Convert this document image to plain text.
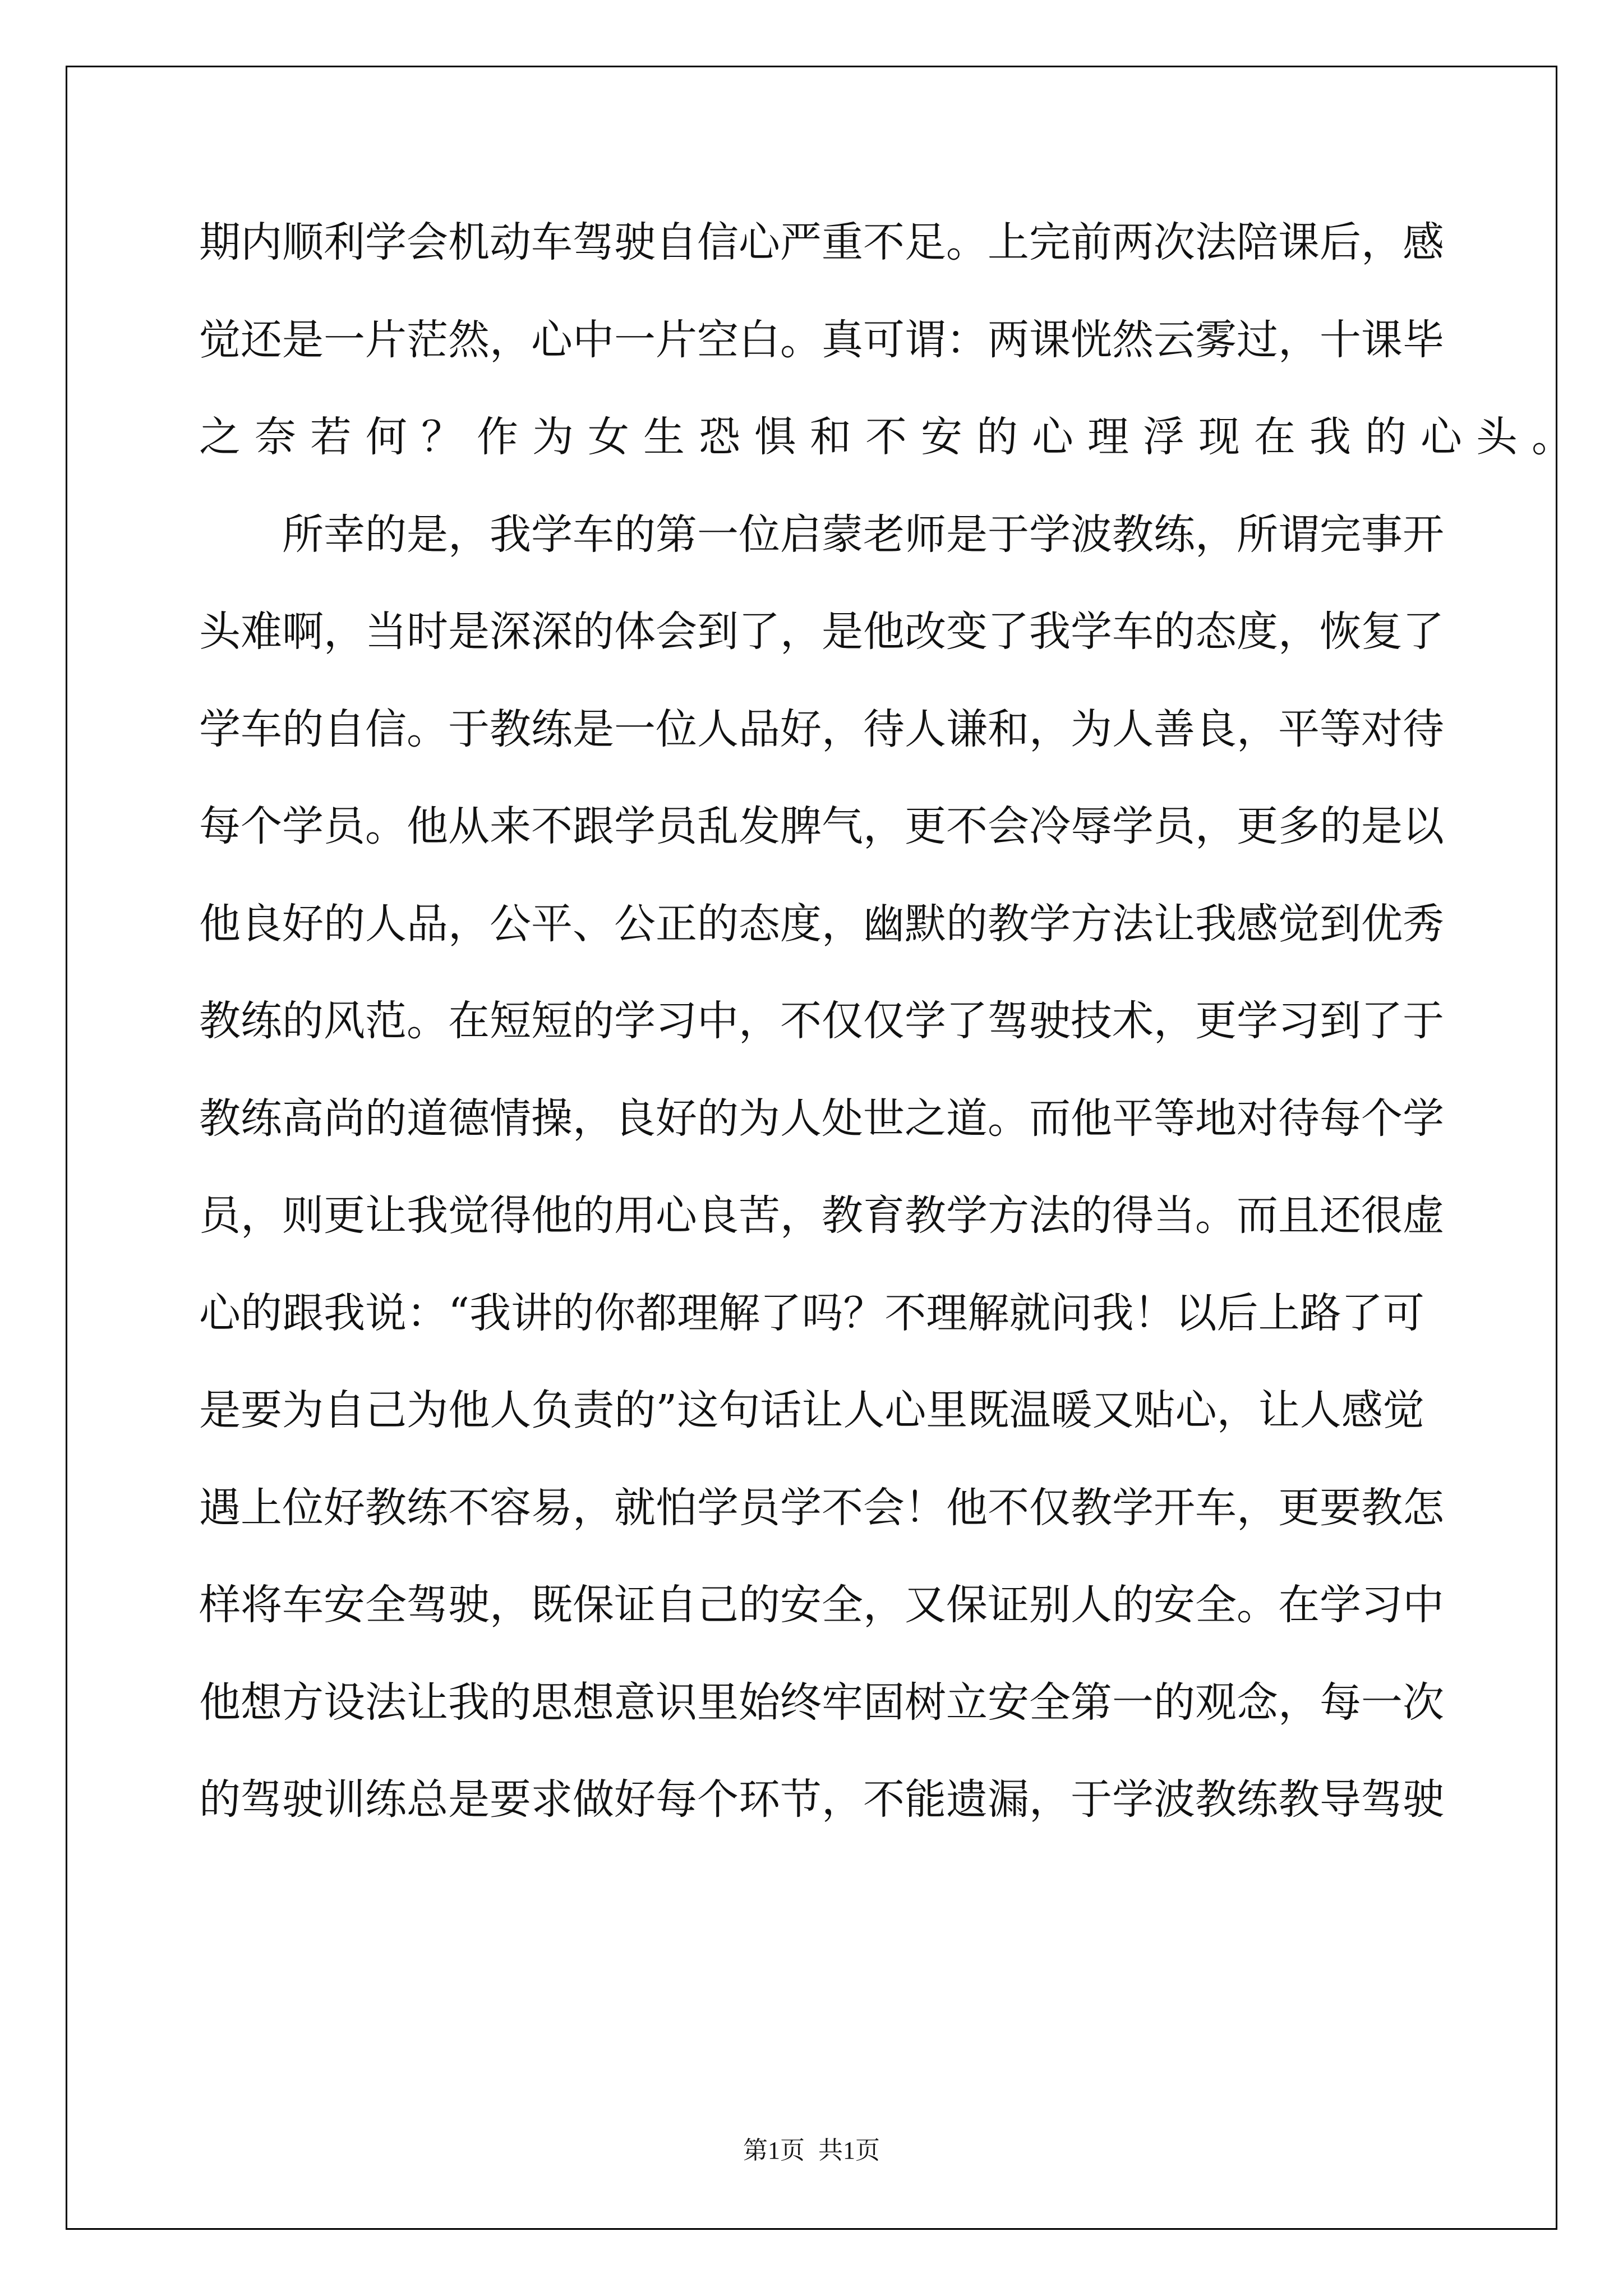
期 内 顺 利 学 会 机 动 车 驾 驶 自 信 心 严 重 不 足 。 上 完 前 两 次 法 陪 课 后 ， 感
觉 还 是 一 片 茫 然 ， 心 中 一 片 空 白 。 真 可 谓 ： 两 课 恍 然 云 雾 过 ， 十 课 毕
之奈若何？作为女生恐惧和不安的心理浮现在我的心头。

所 幸 的 是 ， 我 学 车 的 第 一 位 启 蒙 老 师 是 于 学 波 教 练 ， 所 谓 完 事 开
头 难 啊 ， 当 时 是 深 深 的 体 会 到 了 ， 是 他 改 变 了 我 学 车 的 态 度 ， 恢 复 了
学 车 的 自 信 。 于 教 练 是 一 位 人 品 好 ， 待 人 谦 和 ， 为 人 善 良 ， 平 等 对 待
每 个 学 员 。 他 从 来 不 跟 学 员 乱 发 脾 气 ， 更 不 会 冷 辱 学 员 ， 更 多 的 是 以
他 良 好 的 人 品 ， 公 平 、 公 正 的 态 度 ， 幽 默 的 教 学 方 法 让 我 感 觉 到 优 秀
教 练 的 风 范 。 在 短 短 的 学 习 中 ， 不 仅 仅 学 了 驾 驶 技 术 ， 更 学 习 到 了 于
教 练 高 尚 的 道 德 情 操 ， 良 好 的 为 人 处 世 之 道 。 而 他 平 等 地 对 待 每 个 学
员 ， 则 更 让 我 觉 得 他 的 用 心 良 苦 ， 教 育 教 学 方 法 的 得 当 。 而 且 还 很 虚
心 的 跟 我 说 ： “ 我 讲 的 你 都 理 解 了 吗 ？ 不 理 解 就 问 我 ！ 以 后 上 路 了 可
是 要 为 自 己 为 他 人 负 责 的 ” 这 句 话 让 人 心 里 既 温 暖 又 贴 心 ， 让 人 感 觉
遇 上 位 好 教 练 不 容 易 ， 就 怕 学 员 学 不 会 ！ 他 不 仅 教 学 开 车 ， 更 要 教 怎
样 将 车 安 全 驾 驶 ， 既 保 证 自 己 的 安 全 ， 又 保 证 别 人 的 安 全 。 在 学 习 中
他 想 方 设 法 让 我 的 思 想 意 识 里 始 终 牢 固 树 立 安 全 第 一 的 观 念 ， 每 一 次
的 驾 驶 训 练 总 是 要 求 做 好 每 个 环 节 ， 不 能 遗 漏 ， 于 学 波 教 练 教 导 驾 驶
第1页 共1页
